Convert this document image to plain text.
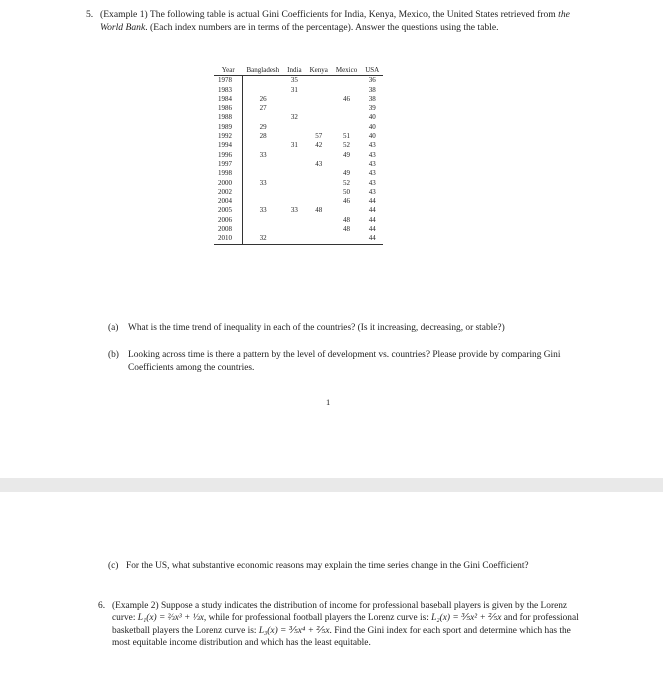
5. (Example 1) The following table is actual Gini Coefficients for India, Kenya, Mexico, the United States retrieved from the World Bank. (Each index numbers are in terms of the percentage). Answer the questions using the table.
Year	Bangladesh	India	Kenya	Mexico	USA
1978		35			36
1983		31			38
1984	26			46	38
1986	27				39
1988		32			40
1989	29				40
1992	28		57	51	40
1994		31	42	52	43
1996	33			49	43
1997			43		43
1998				49	43
2000	33			52	43
2002				50	43
2004				46	44
2005	33	33	48		44
2006				48	44
2008				48	44
2010	32				44
(a) What is the time trend of inequality in each of the countries? (Is it increasing, decreasing, or stable?)
(b) Looking across time is there a pattern by the level of development vs. countries? Please provide by comparing Gini Coefficients among the countries.
1
(c) For the US, what substantive economic reasons may explain the time series change in the Gini Coefficient?
6. (Example 2) Suppose a study indicates the distribution of income for professional baseball players is given by the Lorenz curve: L₁(x) = ⅔x³ + ⅓x, while for professional football players the Lorenz curve is: L₂(x) = ⅗x² + ⅖x and for professional basketball players the Lorenz curve is: L₃(x) = ⅗x⁴ + ⅖x. Find the Gini index for each sport and determine which has the most equitable income distribution and which has the least equitable.
